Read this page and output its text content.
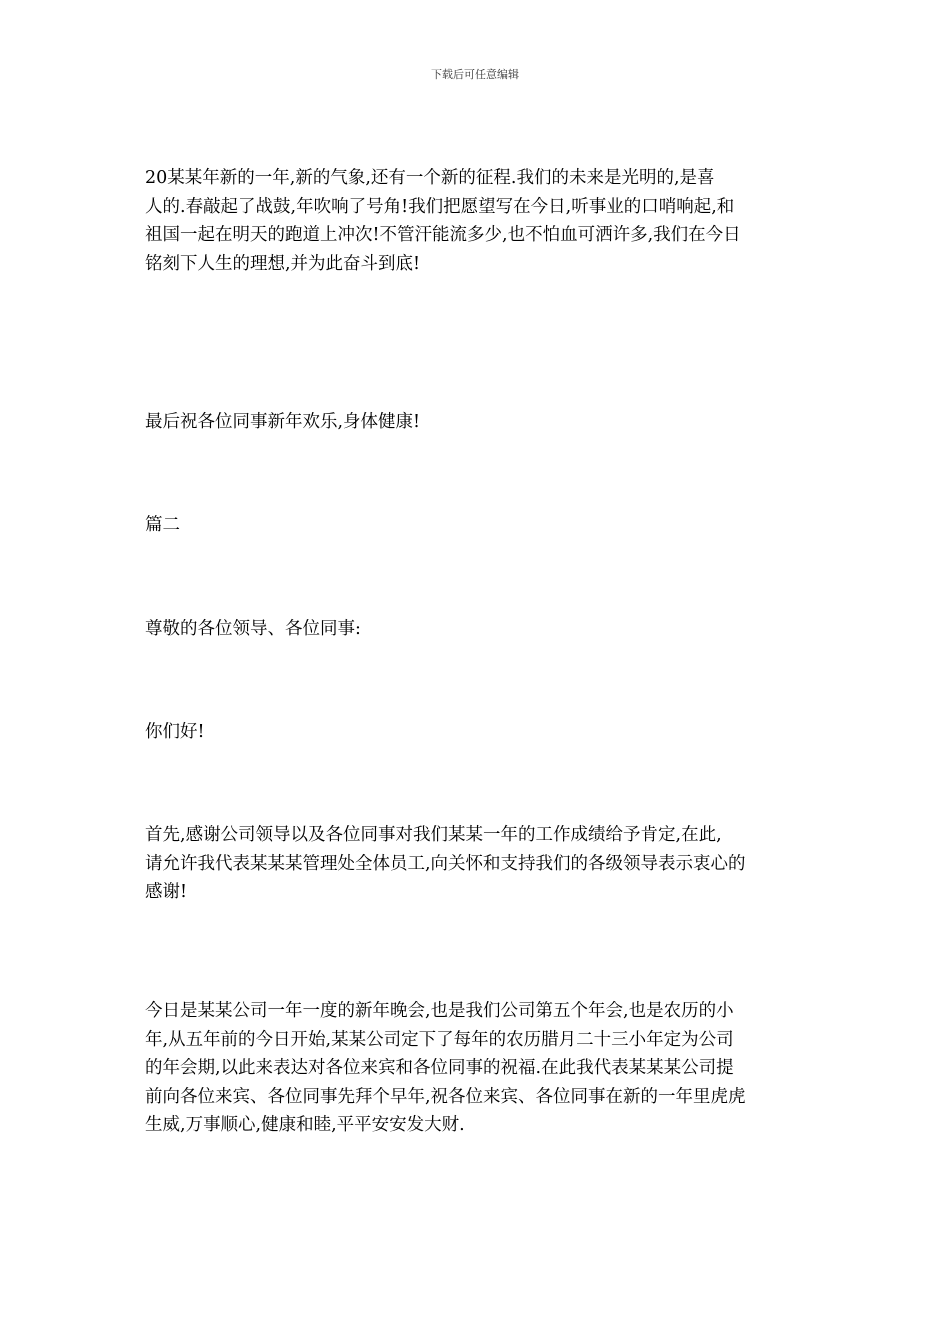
下载后可任意编辑
20某某年新的一年,新的气象,还有一个新的征程.我们的未来是光明的,是喜
人的.春敲起了战鼓,年吹响了号角!我们把愿望写在今日,听事业的口哨响起,和
祖国一起在明天的跑道上冲次!不管汗能流多少,也不怕血可洒许多,我们在今日
铭刻下人生的理想,并为此奋斗到底!
最后祝各位同事新年欢乐,身体健康!
篇二
尊敬的各位领导、各位同事:
你们好!
首先,感谢公司领导以及各位同事对我们某某一年的工作成绩给予肯定,在此,
请允许我代表某某某管理处全体员工,向关怀和支持我们的各级领导表示衷心的
感谢!
今日是某某公司一年一度的新年晚会,也是我们公司第五个年会,也是农历的小
年,从五年前的今日开始,某某公司定下了每年的农历腊月二十三小年定为公司
的年会期,以此来表达对各位来宾和各位同事的祝福.在此我代表某某某公司提
前向各位来宾、各位同事先拜个早年,祝各位来宾、各位同事在新的一年里虎虎
生威,万事顺心,健康和睦,平平安安发大财.
